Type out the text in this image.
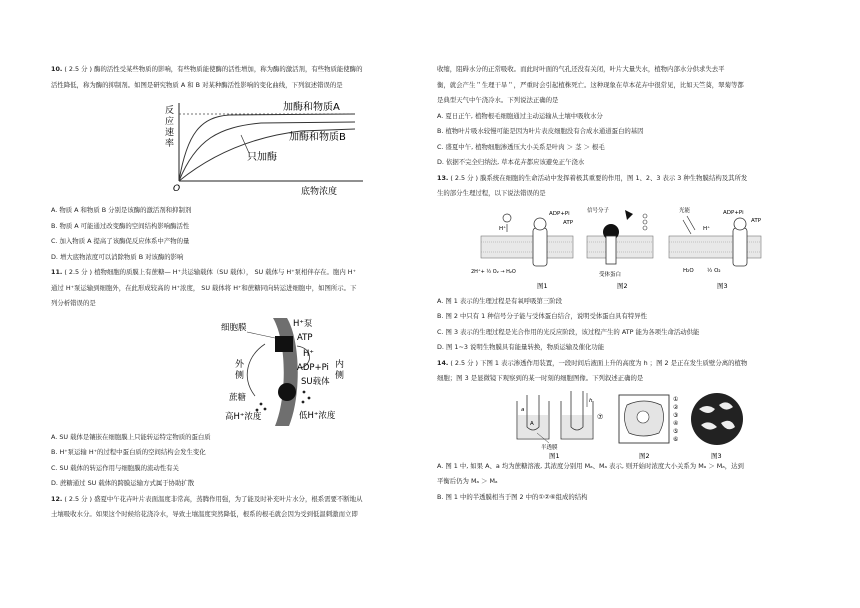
10. ( 2.5 分 ) 酶的活性受某些物质的影响，有些物质能使酶的活性增加，称为酶的激活剂，有些物质能使酶的

活性降低，称为酶的抑制剂。如图是研究物质 A 和 B 对某种酶活性影响的变化曲线，下列叙述错误的是

反
应
速
率
O	底物浓度
加酶和物质A
加酶和物质B
只加酶

A. 物质 A 和物质 B 分别是该酶的激活剂和抑制剂

B. 物质 A 可能通过改变酶的空间结构影响酶活性

C. 加入物质 A 提高了该酶促反应体系中产物的量

D. 增大底物浓度可以消除物质 B 对该酶的影响

11. ( 2.5 分 ) 植物细胞的质膜上有蔗糖— H⁺共运输载体（SU 载体）， SU 载体与 H⁺泵相伴存在。胞内 H⁺

通过 H⁺泵运输到细胞外，在此形成较高的 H⁺浓度， SU 载体将 H⁺和蔗糖同向转运进细胞中，如图所示。下

列分析错误的是

细胞膜	H⁺泵
ATP
H⁺
ADP+Pi
SU载体
外
侧
内
侧
蔗糖
高H⁺浓度	低H⁺浓度

A. SU 载体是镶嵌在细胞膜上只能转运特定物质的蛋白质

B. H⁺泵运输 H⁺的过程中蛋白质的空间结构会发生变化

C. SU 载体的转运作用与细胞膜的流动性有关

D. 蔗糖通过 SU 载体的跨膜运输方式属于协助扩散

12. ( 2.5 分 ) 盛夏中午花卉叶片表面温度非常高，蒸腾作用强，为了能及时补充叶片水分，根系需要不断地从

土壤吸收水分。如果这个时候给花浇冷水，导致土壤温度突然降低，根系的根毛就会因为受到低温刺激而立即

收缩，阻碍水分的正常吸收。而此时叶面的气孔还没有关闭，叶片大量失水，植物内部水分供求失去平

衡，就会产生＂生理干旱＂，严重时会引起植株死亡。这种现象在草本花卉中很常见，比如天竺葵，翠菊等都

是典型天气中午浇冷水。下列说法正确的是

A. 夏日正午, 植物根毛细胞通过主动运输从土壤中吸收水分

B. 植物叶片吸水较慢可能是因为叶片表皮细胞没有合成水通道蛋白的基因

C. 盛夏中午, 植物细胞渗透压大小关系是叶肉 ＞ 茎 ＞ 根毛

D. 依据不完全归纳法, 草本花卉都应该避免正午浇水

13. ( 2.5 分 ) 膜系统在细胞的生命活动中发挥着极其重要的作用，图 1、2、3 表示 3 种生物膜结构及其所发

生的部分生理过程，以下说法错误的是

ADP+Pi
ATP
H⁺
2H⁺+ ½ O₂ → H₂O
图1
信号分子
受体蛋白
图2
光能
H⁺
ADP+Pi
ATP
H₂O ½ O₂
图3

A. 图 1 表示的生理过程是有氧呼吸第三阶段

B. 图 2 中只有 1 种信号分子能与受体蛋白结合，说明受体蛋白具有特异性

C. 图 3 表示的生理过程是光合作用的光反应阶段，该过程产生的 ATP 能为各项生命活动供能

D. 图 1~3 说明生物膜具有能量转换，物质运输及催化功能

14. ( 2.5 分 ) 下图 1 表示渗透作用装置，一段时间后液面上升的高度为 h ；图 2 是正在发生质壁分离的植物

细胞；图 3 是显微镜下观察到的某一时刻的细胞图像。下列叙述正确的是

a
A
h
半透膜
图1
⑦
图2
①
②
③
④
⑤
⑥
图3

A. 图 1 中, 如果 A、a 均为蔗糖溶液, 其浓度分别用 Mₐ、Mₐ 表示, 则开始时浓度大小关系为 Mₐ ＞ Mₐ，达到

平衡后仍为 Mₐ ＞ Mₐ

B. 图 1 中的半透膜相当于图 2 中的①②⑥组成的结构
